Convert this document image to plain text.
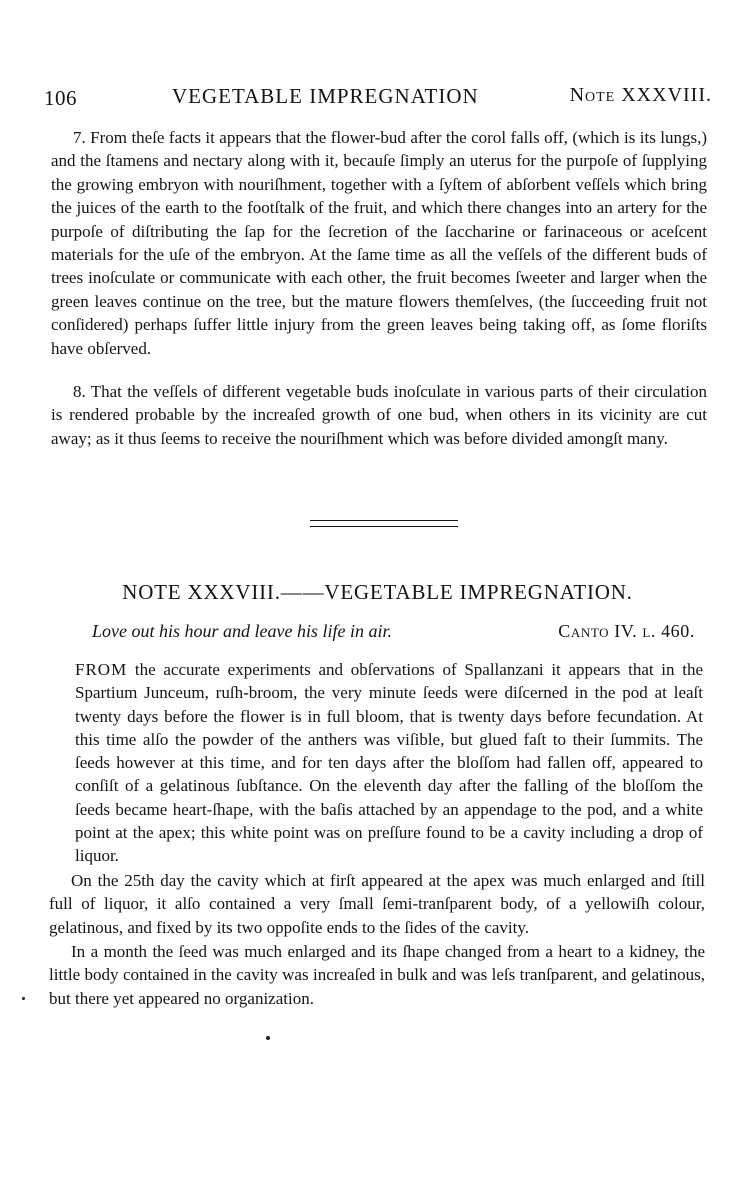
106	VEGETABLE IMPREGNATION	Note XXXVIII.

7. From theſe facts it appears that the flower-bud after the corol falls off, (which is its lungs,) and the ſtamens and nectary along with it, becauſe ſimply an uterus for the purpoſe of ſupplying the growing embryon with nouriſhment, together with a ſyſtem of abſorbent veſſels which bring the juices of the earth to the footſtalk of the fruit, and which there changes into an artery for the purpoſe of diſtributing the ſap for the ſecretion of the ſaccharine or farinaceous or aceſcent materials for the uſe of the embryon. At the ſame time as all the veſſels of the different buds of trees inoſculate or communicate with each other, the fruit becomes ſweeter and larger when the green leaves continue on the tree, but the mature flowers themſelves, (the ſucceeding fruit not conſidered) perhaps ſuffer little injury from the green leaves being taking off, as ſome floriſts have obſerved.

8. That the veſſels of different vegetable buds inoſculate in various parts of their circulation is rendered probable by the increaſed growth of one bud, when others in its vicinity are cut away; as it thus ſeems to receive the nouriſhment which was before divided amongſt many.

NOTE XXXVIII.——VEGETABLE IMPREGNATION.
Love out his hour and leave his life in air.	Canto IV. l. 460.

FROM the accurate experiments and obſervations of Spallanzani it appears that in the Spartium Junceum, ruſh-broom, the very minute ſeeds were diſcerned in the pod at leaſt twenty days before the flower is in full bloom, that is twenty days before fecundation. At this time alſo the powder of the anthers was viſible, but glued faſt to their ſummits. The ſeeds however at this time, and for ten days after the bloſſom had fallen off, appeared to conſiſt of a gelatinous ſubſtance. On the eleventh day after the falling of the bloſſom the ſeeds became heart-ſhape, with the baſis attached by an appendage to the pod, and a white point at the apex; this white point was on preſſure found to be a cavity including a drop of liquor.

On the 25th day the cavity which at firſt appeared at the apex was much enlarged and ſtill full of liquor, it alſo contained a very ſmall ſemi-tranſparent body, of a yellowiſh colour, gelatinous, and fixed by its two oppoſite ends to the ſides of the cavity.

In a month the ſeed was much enlarged and its ſhape changed from a heart to a kidney, the little body contained in the cavity was increaſed in bulk and was leſs tranſparent, and gelatinous, but there yet appeared no organization.
